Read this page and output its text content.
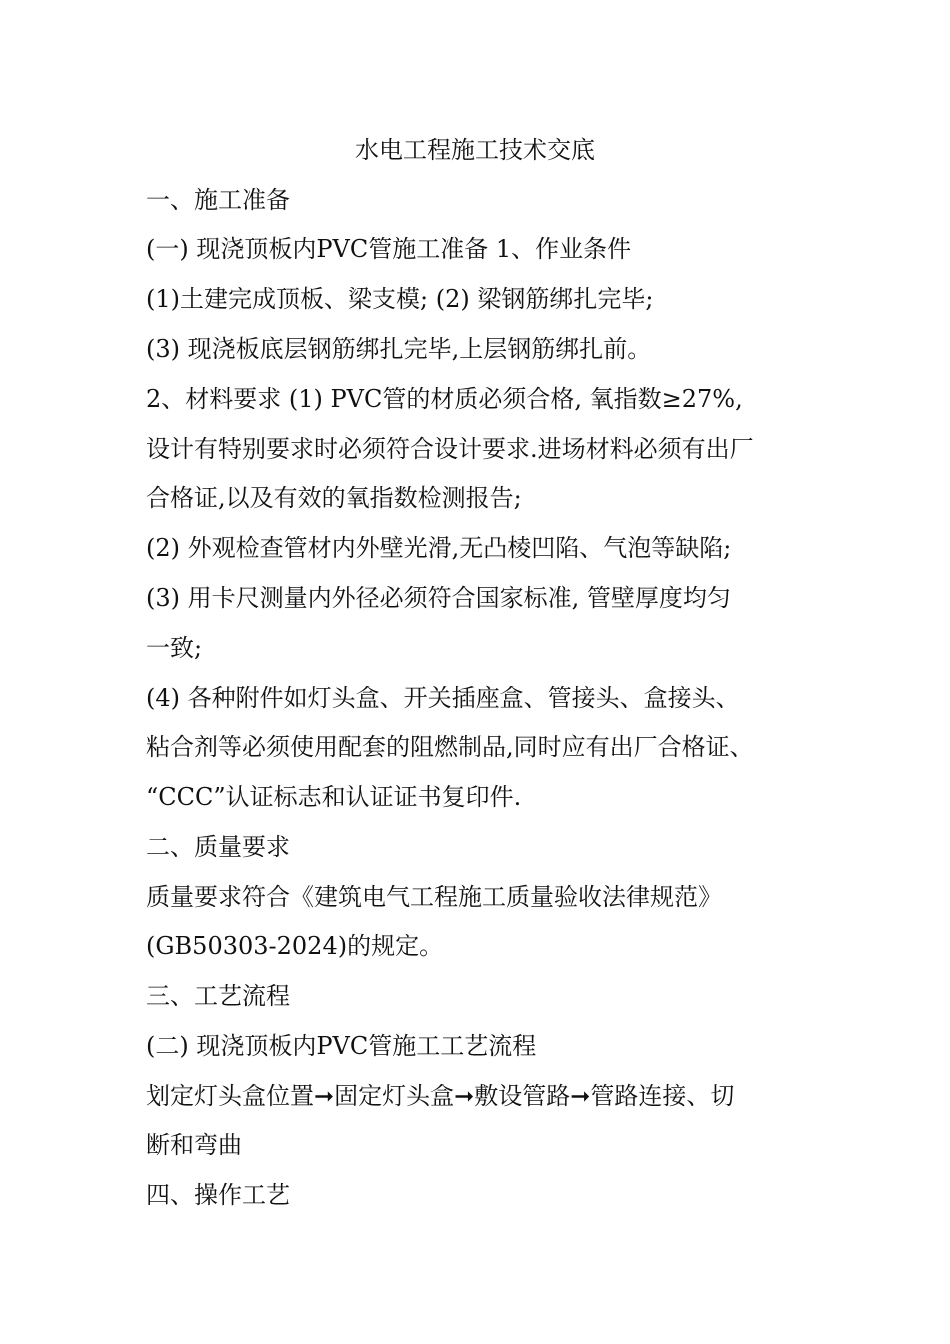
水电工程施工技术交底
一、施工准备
(一) 现浇顶板内PVC管施工准备 1、作业条件
(1)土建完成顶板、梁支模; (2) 梁钢筋绑扎完毕;
(3) 现浇板底层钢筋绑扎完毕,上层钢筋绑扎前。
2、材料要求 (1) PVC管的材质必须合格, 氧指数≥27%,
设计有特别要求时必须符合设计要求.进场材料必须有出厂
合格证,以及有效的氧指数检测报告;
(2) 外观检查管材内外壁光滑,无凸棱凹陷、气泡等缺陷;
(3) 用卡尺测量内外径必须符合国家标准, 管壁厚度均匀
一致;
(4) 各种附件如灯头盒、开关插座盒、管接头、盒接头、
粘合剂等必须使用配套的阻燃制品,同时应有出厂合格证、
“CCC”认证标志和认证证书复印件.
二、质量要求
质量要求符合《建筑电气工程施工质量验收法律规范》
(GB50303-2024)的规定。
三、工艺流程
(二) 现浇顶板内PVC管施工工艺流程
划定灯头盒位置➞固定灯头盒➞敷设管路➞管路连接、切
断和弯曲
四、操作工艺
